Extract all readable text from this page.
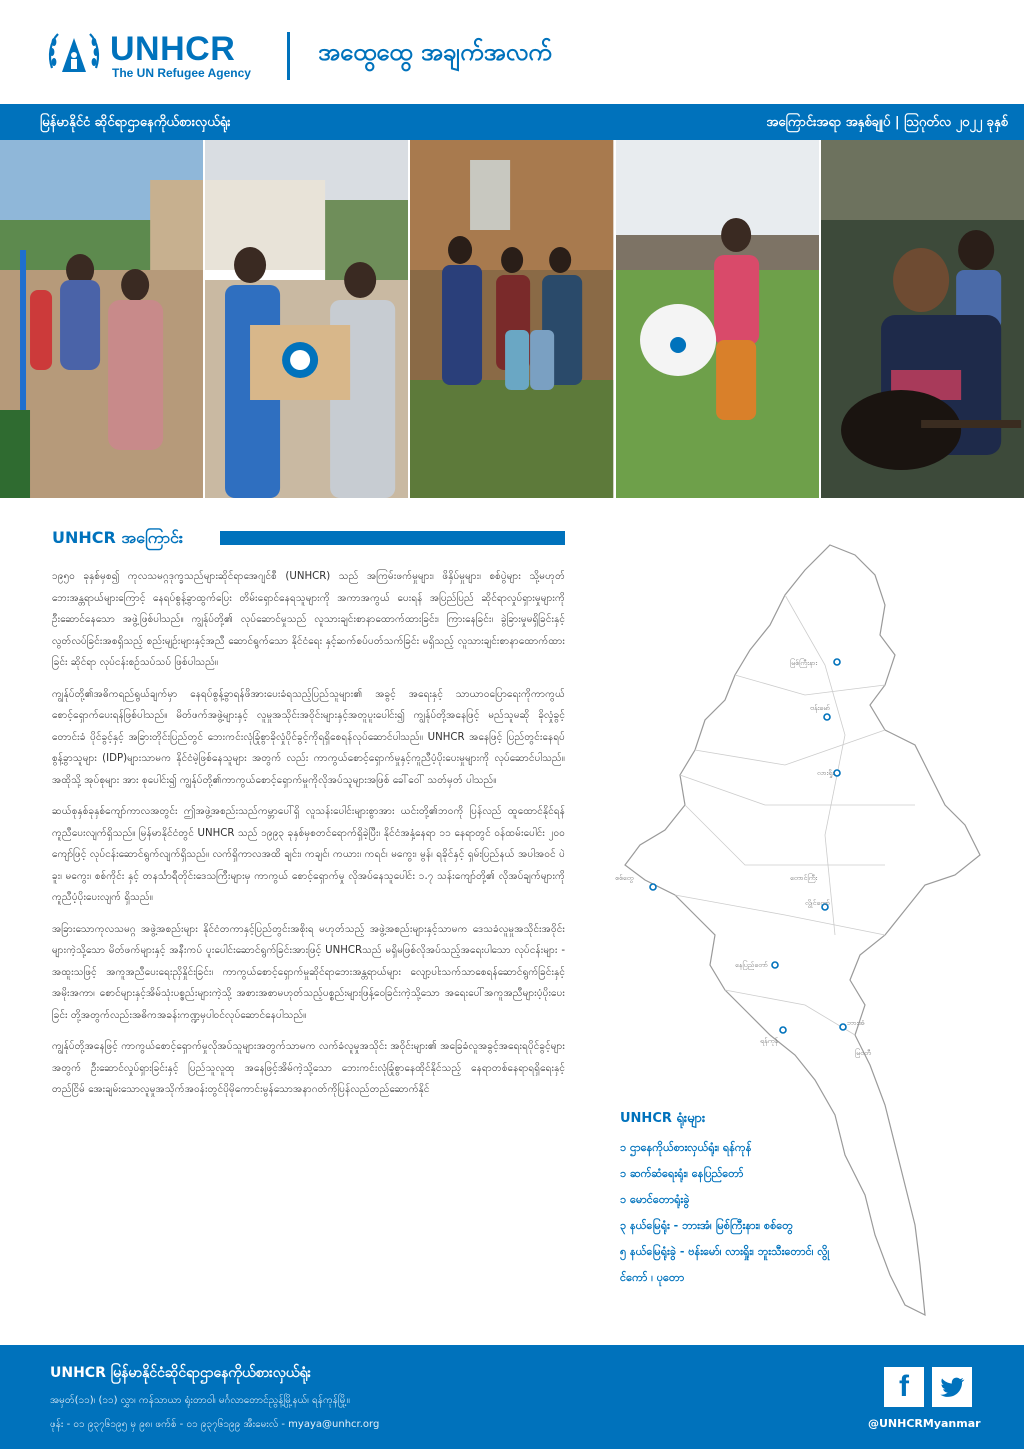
UNHCR
The UN Refugee Agency
အထွေထွေ အချက်အလက်
မြန်မာနိုင်ငံ ဆိုင်ရာဌာနေကိုယ်စားလှယ်ရုံး	အကြောင်းအရာ အနှစ်ချုပ် | ဩဂုတ်လ ၂၀၂၂ ခုနှစ်
UNHCR အကြောင်း

၁၉၅၀ ခုနှစ်မှစ၍ ကုလသမဂ္ဂဒုက္ခသည်များဆိုင်ရာအေဂျင်စီ (UNHCR) သည် အကြမ်းဖက်မှုများ၊ ဖိနှိပ်မှုများ၊ စစ်ပွဲများ သို့မဟုတ် ဘေးအန္တရာယ်များကြောင့် နေရပ်စွန့်ခွာထွက်ပြေး တိမ်းရှောင်နေရသူများကို အကာအကွယ် ပေးရန် အပြည်ပြည် ဆိုင်ရာလှုပ်ရှားမှုများကို ဦးဆောင်နေသော အဖွဲ့ဖြစ်ပါသည်။ ကျွန်ုပ်တို့၏ လုပ်ဆောင်မှုသည် လူသားချင်းစာနာထောက်ထားခြင်း၊ ကြားနေခြင်း၊ ခွဲခြားမှုမရှိခြင်းနှင့် လွတ်လပ်ခြင်းအစရှိသည့် စည်းမျဉ်းများနှင့်အညီ ဆောင်ရွက်သော နိုင်ငံရေး နှင့်ဆက်စပ်ပတ်သက်ခြင်း မရှိသည့် လူသားချင်းစာနာထောက်ထားခြင်း ဆိုင်ရာ လုပ်ငန်းစဉ်သပ်သပ် ဖြစ်ပါသည်။

ကျွန်ုပ်တို့၏အဓိကရည်ရွယ်ချက်မှာ နေရပ်စွန့်ခွာရန်ဖိအားပေးခံရသည့်ပြည်သူများ၏ အခွင့် အရေးနှင့် သာယာဝပြောရေးကိုကာကွယ်စောင့်ရှောက်ပေးရန်ဖြစ်ပါသည်။ မိတ်ဖက်အဖွဲ့များနှင့် လူမှုအသိုင်းအဝိုင်းများနှင့်အတူပူးပေါင်း၍ ကျွန်ုပ်တို့အနေဖြင့် မည်သူမဆို ခိုလှုံခွင့်တောင်းခံ ပိုင်ခွင့်နှင့် အခြားတိုင်းပြည်တွင် ဘေးကင်းလုံခြုံစွာခိုလှုံပိုင်ခွင့်ကိုရရှိစေရန်လုပ်ဆောင်ပါသည်။ UNHCR အနေဖြင့် ပြည်တွင်းနေရပ်စွန့်ခွာသူများ (IDP)များသာမက နိုင်ငံမဲ့ဖြစ်နေသူများ အတွက် လည်း ကာကွယ်စောင့်ရှောက်မှုနှင့်ကူညီပံ့ပိုးပေးမှုများကို လုပ်ဆောင်ပါသည်။ အထိုသို့ အုပ်စုများ အား စုပေါင်း၍ ကျွန်ုပ်တို့၏ကာကွယ်စောင့်ရှောက်မှုကိုလိုအပ်သူများအဖြစ် ခေါ်ဝေါ် သတ်မှတ် ပါသည်။

ဆယ်စုနှစ်ခုနှစ်ကျော်ကာလအတွင်း ဤအဖွဲ့အစည်းသည်ကမ္ဘာပေါ်ရှိ လူသန်းပေါင်းများစွာအား ယင်းတို့၏ဘဝကို ပြန်လည် ထူထောင်နိုင်ရန်ကူညီပေးလျက်ရှိသည်။ မြန်မာနိုင်ငံတွင် UNHCR သည် ၁၉၉၃ ခုနှစ်မှစတင်ရောက်ရှိခဲ့ပြီး၊ နိုင်ငံအနှံ့နေရာ ၁၁ နေရာတွင် ဝန်ထမ်းပေါင်း ၂၀၀ ကျော်ဖြင့် လုပ်ငန်းဆောင်ရွက်လျက်ရှိသည်။ လက်ရှိကာလအထိ ချင်း၊ ကချင်၊ ကယား၊ ကရင်၊ မကွေး၊ မွန်၊ ရခိုင်နှင့် ရှမ်းပြည်နယ် အပါအဝင် ပဲခူး၊ မကွေး၊ စစ်ကိုင်း နှင့် တနင်္သာရီတိုင်းဒေသကြီးများမှ ကာကွယ် စောင့်ရှောက်မှု လိုအပ်နေသူပေါင်း ၁.၇ သန်းကျော်တို့၏ လိုအပ်ချက်များကို ကူညီပံ့ပိုးပေးလျက် ရှိသည်။

အခြားသောကုလသမဂ္ဂ အဖွဲ့အစည်းများ နိုင်ငံတကာနှင့်ပြည်တွင်းအစိုးရ မဟုတ်သည့် အဖွဲ့အစည်းများနှင့်သာမက ဒေသခံလူမှုအသိုင်းအဝိုင်းများကဲ့သို့သော မိတ်ဖက်များနှင့် အနီးကပ် ပူးပေါင်းဆောင်ရွက်ခြင်းအားဖြင့် UNHCRသည် မရှိမဖြစ်လိုအပ်သည့်အရေးပါသော လုပ်ငန်းများ - အထူးသဖြင့် အကူအညီပေးရေးညှိနှိုင်းခြင်း၊ ကာကွယ်စောင့်ရှောက်မှုဆိုင်ရာဘေးအန္တရာယ်များ လျော့ပါးသက်သာစေရန်ဆောင်ရွက်ခြင်းနှင့် အမိုးအကာ၊ စောင်များနှင့်အိမ်သုံးပစ္စည်းများကဲ့သို့ အစားအစာမဟုတ်သည့်ပစ္စည်းများဖြန့်ဝေခြင်းကဲ့သို့သော အရေးပေါ်အကူအညီများပံ့ပိုးပေးခြင်း တို့အတွက်လည်းအဓိကအခန်းကဏ္ဍမှပါဝင်လုပ်ဆောင်နေပါသည်။

ကျွန်ုပ်တို့အနေဖြင့် ကာကွယ်စောင့်ရှောက်မှုလိုအပ်သူများအတွက်သာမက လက်ခံလူမှုအသိုင်း အဝိုင်းများ၏ အခြေခံလူအခွင့်အရေးရပိုင်ခွင့်များအတွက် ဦးဆောင်လှုပ်ရှားခြင်းနှင့် ပြည်သူလူထု အနေဖြင့်အိမ်ကဲ့သို့သော ဘေးကင်းလုံခြုံစွာနေထိုင်နိုင်သည့် နေရာတစ်နေရာရရှိရေးနှင့် တည်ငြိမ် အေးချမ်းသောလူမှုအသိုက်အဝန်းတွင်ပိုမိုကောင်းမွန်သောအနာဂတ်ကိုပြန်လည်တည်ဆောက်နိုင်

မြစ်ကြီးနား
ဗန်းမော်
လားရှိုး
စစ်တွေ
နေပြည်တော်
ရန်ကုန်
ဘားအံ
မြဝတီ
လွိုင်ကော်
တောင်ကြီး
UNHCR ရုံးများ
၁ ဌာနေကိုယ်စားလှယ်ရုံး၊ ရန်ကုန်
၁ ဆက်ဆံရေးရုံး၊ နေပြည်တော်
၁ မောင်တောရုံးခွဲ
၃ နယ်မြေရုံး - ဘားအံ၊ မြစ်ကြီးနား၊ စစ်တွေ
၅ နယ်မြေရုံးခွဲ - ဗန်းမော်၊ လားရှိုး၊ ဘူးသီးတောင်၊ လွိုင်ကော် ၊ ပုတော
UNHCR မြန်မာနိုင်ငံဆိုင်ရာဌာနေကိုယ်စားလှယ်ရုံး
အမှတ်(၁၁)၊ (၁၁) လွှာ၊ ကန်သာယာ ရုံးတာဝါ၊ မင်္ဂလာတောင်ညွန့်မြို့နယ်၊ ရန်ကုန်မြို့။
ဖုန်း - ၀၁ ၉၃၇၆၁၉၅ မှ ၉၈၊ ဖက်စ် - ၀၁ ၉၃၇၆၁၉၉ အီးမေးလ် - myaya@unhcr.org
f
@UNHCRMyanmar
